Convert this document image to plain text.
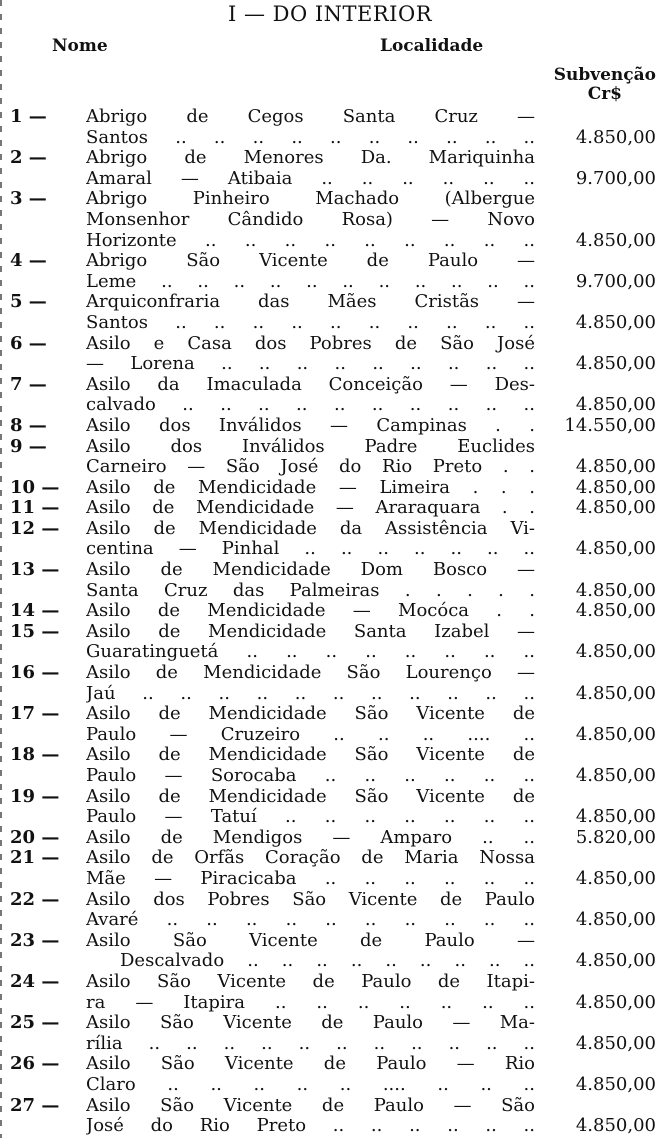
I — DO INTERIOR
Nome	Localidade
Subvenção
Cr$
1 —	Abrigo de Cegos Santa Cruz —
Santos .. .. .. .. .. .. .. .. .. .. 4.850,00
2 —	Abrigo de Menores Da. Mariquinha
Amaral — Atibaia .. .. .. .. .. .. 9.700,00
3 —	Abrigo Pinheiro Machado (Albergue
Monsenhor Cândido Rosa) — Novo
Horizonte .. .. .. .. .. .. .. .. .. 4.850,00
4 —	Abrigo São Vicente de Paulo —
Leme .. .. .. .. .. .. .. .. .. .. .. 9.700,00
5 —	Arquiconfraria das Mães Cristãs —
Santos .. .. .. .. .. .. .. .. .. .. 4.850,00
6 —	Asilo e Casa dos Pobres de São José
— Lorena .. .. .. .. .. .. .. .. .. 4.850,00
7 —	Asilo da Imaculada Conceição — Des-
calvado .. .. .. .. .. .. .. .. .. .. 4.850,00
8 —	Asilo dos Inválidos — Campinas . . 14.550,00
9 —	Asilo dos Inválidos Padre Euclides
Carneiro — São José do Rio Preto . . 4.850,00
10 —	Asilo de Mendicidade — Limeira . . . 4.850,00
11 —	Asilo de Mendicidade — Araraquara . . 4.850,00
12 —	Asilo de Mendicidade da Assistência Vi-
centina — Pinhal .. .. .. .. .. .. .. 4.850,00
13 —	Asilo de Mendicidade Dom Bosco —
Santa Cruz das Palmeiras . . . . . 4.850,00
14 —	Asilo de Mendicidade — Mocóca . . 4.850,00
15 —	Asilo de Mendicidade Santa Izabel —
Guaratinguetá .. .. .. .. .. .. .. .. 4.850,00
16 —	Asilo de Mendicidade São Lourenço —
Jaú .. .. .. .. .. .. .. .. .. .. .. 4.850,00
17 —	Asilo de Mendicidade São Vicente de
Paulo — Cruzeiro .. .. .. .... .. 4.850,00
18 —	Asilo de Mendicidade São Vicente de
Paulo — Sorocaba .. .. .. .. .. .. 4.850,00
19 —	Asilo de Mendicidade São Vicente de
Paulo — Tatuí .. .. .. .. .. .. .. 4.850,00
20 —	Asilo de Mendigos — Amparo .. .. 5.820,00
21 —	Asilo de Orfãs Coração de Maria Nossa
Mãe — Piracicaba .. .. .. .. .. .. 4.850,00
22 —	Asilo dos Pobres São Vicente de Paulo
Avaré .. .. .. .. .. .. .. .. .. .. 4.850,00
23 —	Asilo São Vicente de Paulo —
Descalvado .. .. .. .. .. .. .. .. .. 4.850,00
24 —	Asilo São Vicente de Paulo de Itapi-
ra — Itapira .. .. .. .. .. .. .. 4.850,00
25 —	Asilo São Vicente de Paulo — Ma-
rília .. .. .. .. .. .. .. .. .. .. .. 4.850,00
26 —	Asilo São Vicente de Paulo — Rio
Claro .. .. .. .. .. .... .. .. .. 4.850,00
27 —	Asilo São Vicente de Paulo — São
José do Rio Preto .. .. .. .. .. .. 4.850,00
